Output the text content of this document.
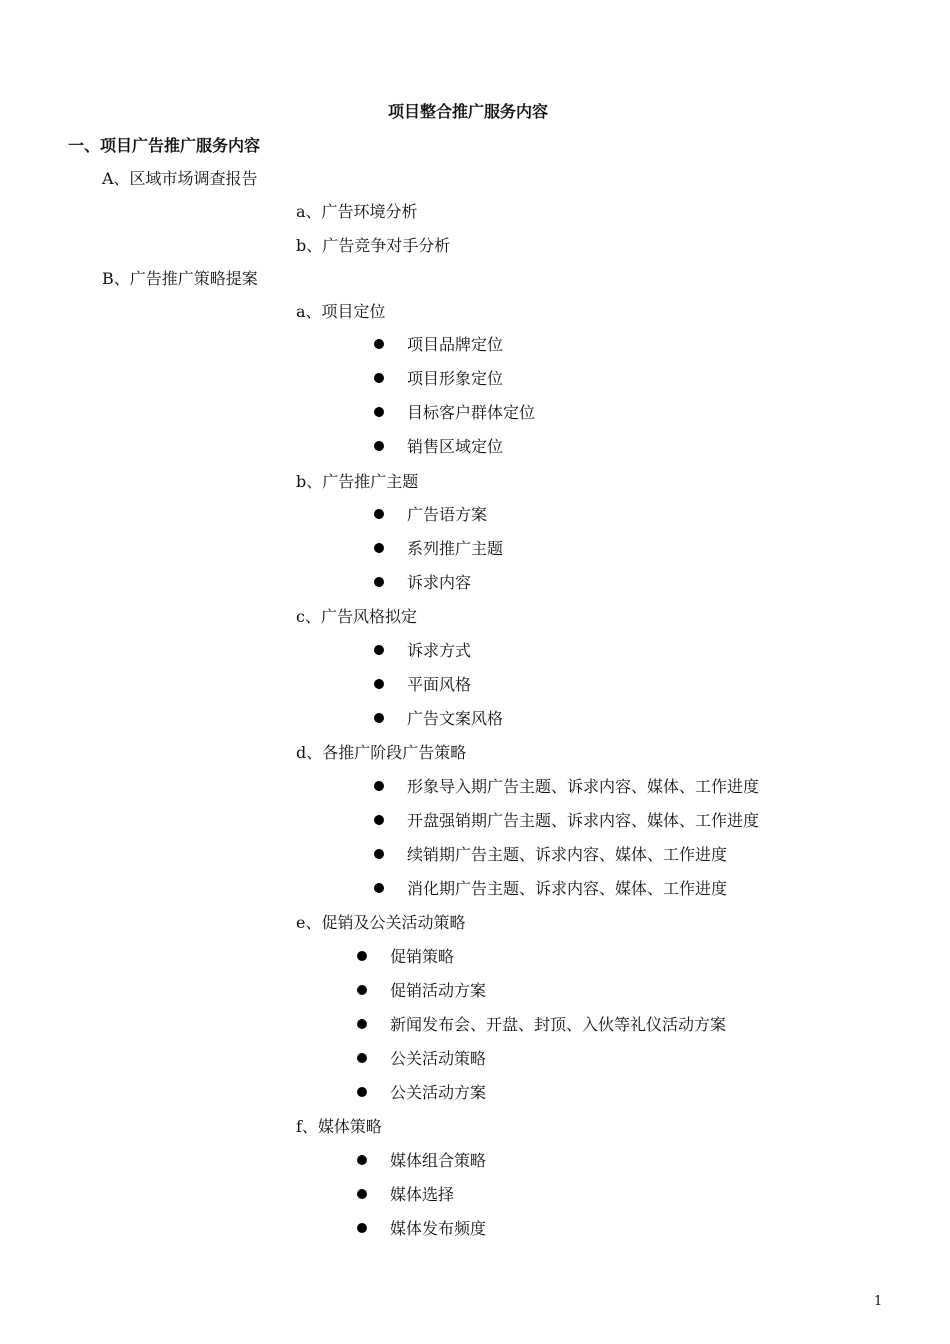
项目整合推广服务内容
一、项目广告推广服务内容
A、区域市场调查报告
a、广告环境分析
b、广告竞争对手分析
B、广告推广策略提案
a、项目定位
项目品牌定位
项目形象定位
目标客户群体定位
销售区域定位
b、广告推广主题
广告语方案
系列推广主题
诉求内容
c、广告风格拟定
诉求方式
平面风格
广告文案风格
d、各推广阶段广告策略
形象导入期广告主题、诉求内容、媒体、工作进度
开盘强销期广告主题、诉求内容、媒体、工作进度
续销期广告主题、诉求内容、媒体、工作进度
消化期广告主题、诉求内容、媒体、工作进度
e、促销及公关活动策略
促销策略
促销活动方案
新闻发布会、开盘、封顶、入伙等礼仪活动方案
公关活动策略
公关活动方案
f、媒体策略
媒体组合策略
媒体选择
媒体发布频度
1
